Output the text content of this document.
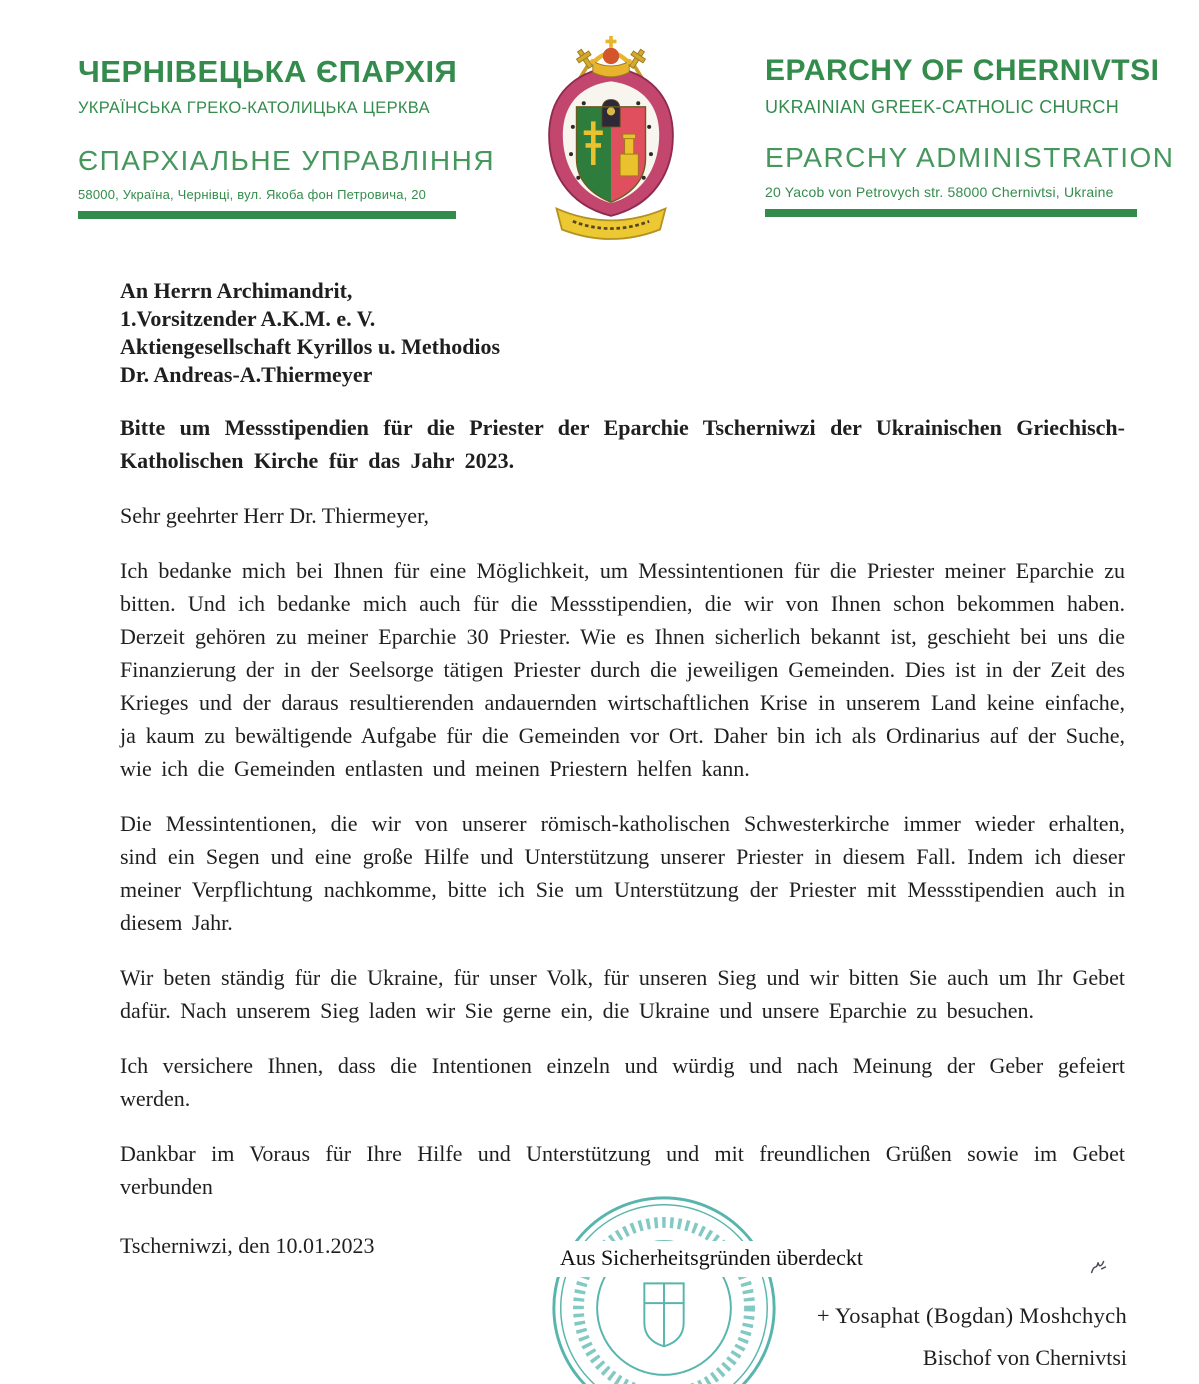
ЧЕРНІВЕЦЬКА ЄПАРХІЯ
УКРАЇНСЬКА ГРЕКО-КАТОЛИЦЬКА ЦЕРКВА
ЄПАРХІАЛЬНЕ УПРАВЛІННЯ
58000, Україна, Чернівці, вул. Якоба фон Петровича, 20
EPARCHY OF CHERNIVTSI
UKRAINIAN GREEK-CATHOLIC CHURCH
EPARCHY ADMINISTRATION
20 Yacob von Petrovych str. 58000 Chernivtsi, Ukraine
An Herrn Archimandrit,
1.Vorsitzender A.K.M. e. V.
Aktiengesellschaft Kyrillos u. Methodios
Dr. Andreas-A.Thiermeyer

Bitte um Messstipendien für die Priester der Eparchie Tscherniwzi der Ukrainischen Griechisch-Katholischen Kirche für das Jahr 2023.

Sehr geehrter Herr Dr. Thiermeyer,

Ich bedanke mich bei Ihnen für eine Möglichkeit, um Messintentionen für die Priester meiner Eparchie zu bitten. Und ich bedanke mich auch für die Messstipendien, die wir von Ihnen schon bekommen haben. Derzeit gehören zu meiner Eparchie 30 Priester. Wie es Ihnen sicherlich bekannt ist, geschieht bei uns die Finanzierung der in der Seelsorge tätigen Priester durch die jeweiligen Gemeinden. Dies ist in der Zeit des Krieges und der daraus resultierenden andauernden wirtschaftlichen Krise in unserem Land keine einfache, ja kaum zu bewältigende Aufgabe für die Gemeinden vor Ort. Daher bin ich als Ordinarius auf der Suche, wie ich die Gemeinden entlasten und meinen Priestern helfen kann.

Die Messintentionen, die wir von unserer römisch-katholischen Schwesterkirche immer wieder erhalten, sind ein Segen und eine große Hilfe und Unterstützung unserer Priester in diesem Fall. Indem ich dieser meiner Verpflichtung nachkomme, bitte ich Sie um Unterstützung der Priester mit Messstipendien auch in diesem Jahr.

Wir beten ständig für die Ukraine, für unser Volk, für unseren Sieg und wir bitten Sie auch um Ihr Gebet dafür. Nach unserem Sieg laden wir Sie gerne ein, die Ukraine und unsere Eparchie zu besuchen.

Ich versichere Ihnen, dass die Intentionen einzeln und würdig und nach Meinung der Geber gefeiert werden.

Dankbar im Voraus für Ihre Hilfe und Unterstützung und mit freundlichen Grüßen sowie im Gebet verbunden

Tscherniwzi, den 10.01.2023	Aus Sicherheitsgründen überdeckt
+ Yosaphat (Bogdan) Moshchych
Bischof von Chernivtsi
